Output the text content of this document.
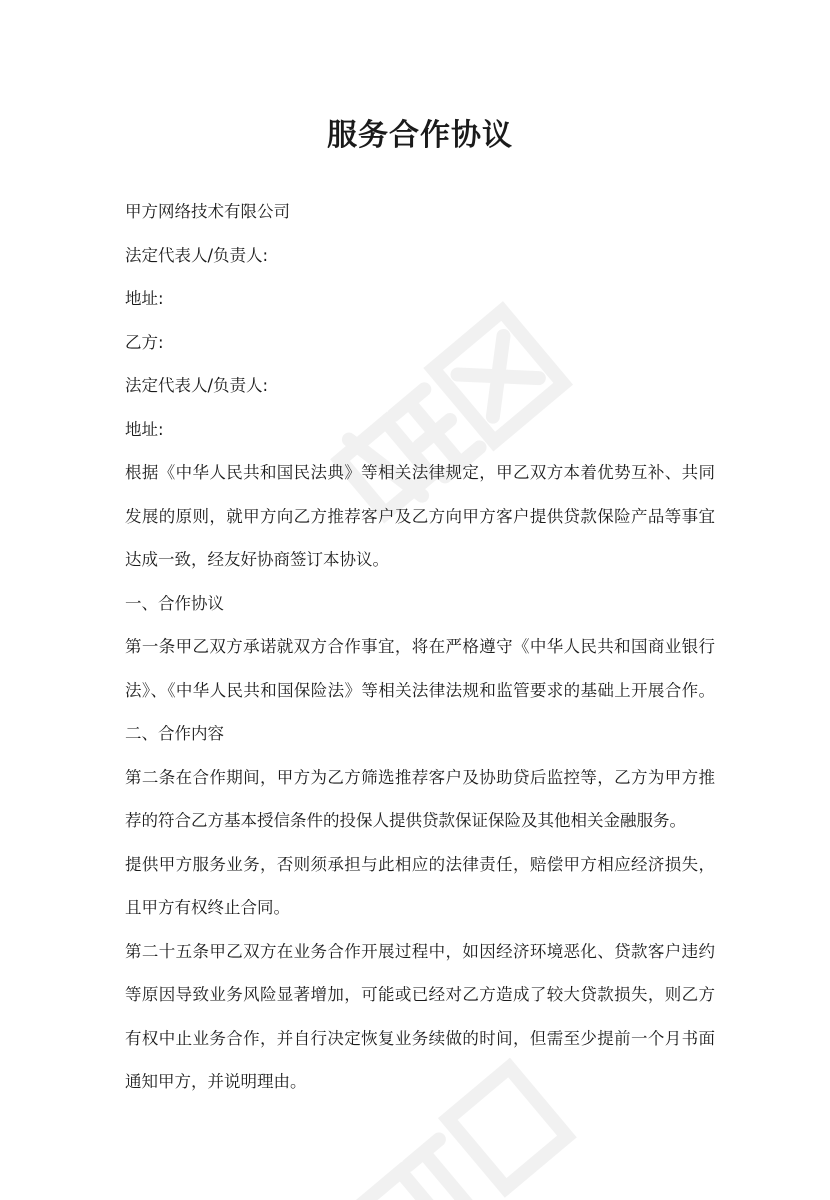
服务合作协议

甲方网络技术有限公司

法定代表人/负责人:

地址:

乙方:

法定代表人/负责人:

地址:

根据《中华人民共和国民法典》等相关法律规定，甲乙双方本着优势互补、共同
发展的原则，就甲方向乙方推荐客户及乙方向甲方客户提供贷款保险产品等事宜
达成一致，经友好协商签订本协议。

一、合作协议

第一条甲乙双方承诺就双方合作事宜，将在严格遵守《中华人民共和国商业银行
法》、《中华人民共和国保险法》等相关法律法规和监管要求的基础上开展合作。

二、合作内容

第二条在合作期间，甲方为乙方筛选推荐客户及协助贷后监控等，乙方为甲方推
荐的符合乙方基本授信条件的投保人提供贷款保证保险及其他相关金融服务。

提供甲方服务业务，否则须承担与此相应的法律责任，赔偿甲方相应经济损失，
且甲方有权终止合同。

第二十五条甲乙双方在业务合作开展过程中，如因经济环境恶化、贷款客户违约
等原因导致业务风险显著增加，可能或已经对乙方造成了较大贷款损失，则乙方
有权中止业务合作，并自行决定恢复业务续做的时间，但需至少提前一个月书面
通知甲方，并说明理由。
